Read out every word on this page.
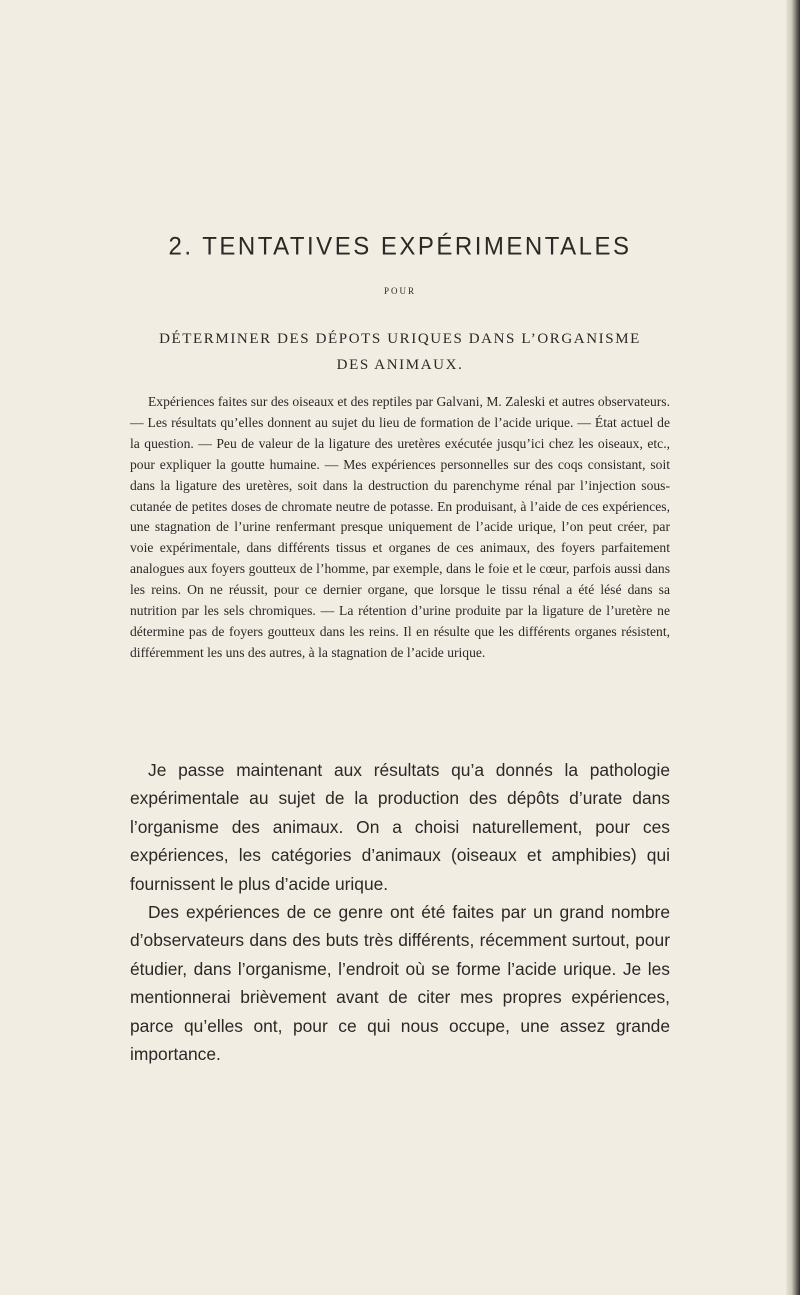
2. TENTATIVES EXPÉRIMENTALES
POUR
DÉTERMINER DES DÉPOTS URIQUES DANS L’ORGANISME
DES ANIMAUX.
Expériences faites sur des oiseaux et des reptiles par Galvani, M. Zaleski et autres observateurs. — Les résultats qu’elles donnent au sujet du lieu de formation de l’acide urique. — État actuel de la question. — Peu de valeur de la ligature des uretères exécutée jusqu’ici chez les oiseaux, etc., pour expliquer la goutte humaine. — Mes expériences personnelles sur des coqs consistant, soit dans la ligature des uretères, soit dans la destruction du parenchyme rénal par l’injection sous-cutanée de petites doses de chromate neutre de potasse. En produisant, à l’aide de ces expériences, une stagnation de l’urine renfermant presque uniquement de l’acide urique, l’on peut créer, par voie expérimentale, dans différents tissus et organes de ces animaux, des foyers parfaitement analogues aux foyers goutteux de l’homme, par exemple, dans le foie et le cœur, parfois aussi dans les reins. On ne réussit, pour ce dernier organe, que lorsque le tissu rénal a été lésé dans sa nutrition par les sels chromiques. — La rétention d’urine produite par la ligature de l’uretère ne détermine pas de foyers goutteux dans les reins. Il en résulte que les différents organes résistent, différemment les uns des autres, à la stagnation de l’acide urique.

Je passe maintenant aux résultats qu’a donnés la pathologie expérimentale au sujet de la production des dépôts d’urate dans l’organisme des animaux. On a choisi naturellement, pour ces expériences, les catégories d’animaux (oiseaux et amphibies) qui fournissent le plus d’acide urique.

Des expériences de ce genre ont été faites par un grand nombre d’observateurs dans des buts très différents, récemment surtout, pour étudier, dans l’organisme, l’endroit où se forme l’acide urique. Je les mentionnerai brièvement avant de citer mes propres expériences, parce qu’elles ont, pour ce qui nous occupe, une assez grande importance.
